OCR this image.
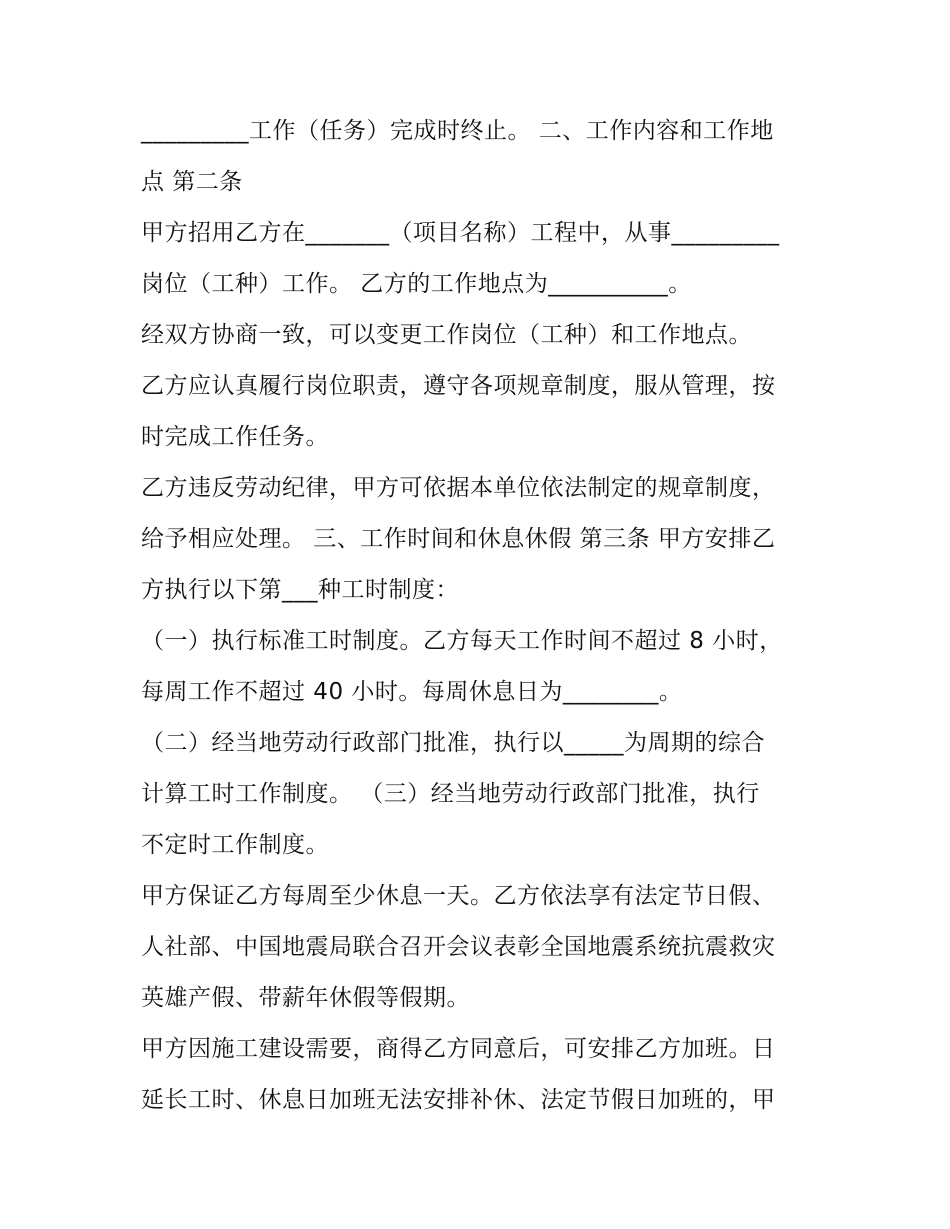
_________工作（任务）完成时终止。 二、工作内容和工作地
点 第二条
甲方招用乙方在_______（项目名称）工程中，从事_________
岗位（工种）工作。 乙方的工作地点为__________。
经双方协商一致，可以变更工作岗位（工种）和工作地点。
乙方应认真履行岗位职责，遵守各项规章制度，服从管理，按
时完成工作任务。
乙方违反劳动纪律，甲方可依据本单位依法制定的规章制度，
给予相应处理。 三、工作时间和休息休假 第三条 甲方安排乙
方执行以下第___种工时制度：
（一）执行标准工时制度。乙方每天工作时间不超过 8 小时，
每周工作不超过 40 小时。每周休息日为________。
（二）经当地劳动行政部门批准，执行以_____为周期的综合
计算工时工作制度。 （三）经当地劳动行政部门批准，执行
不定时工作制度。
甲方保证乙方每周至少休息一天。乙方依法享有法定节日假、
人社部、中国地震局联合召开会议表彰全国地震系统抗震救灾
英雄产假、带薪年休假等假期。
甲方因施工建设需要，商得乙方同意后，可安排乙方加班。日
延长工时、休息日加班无法安排补休、法定节假日加班的，甲
